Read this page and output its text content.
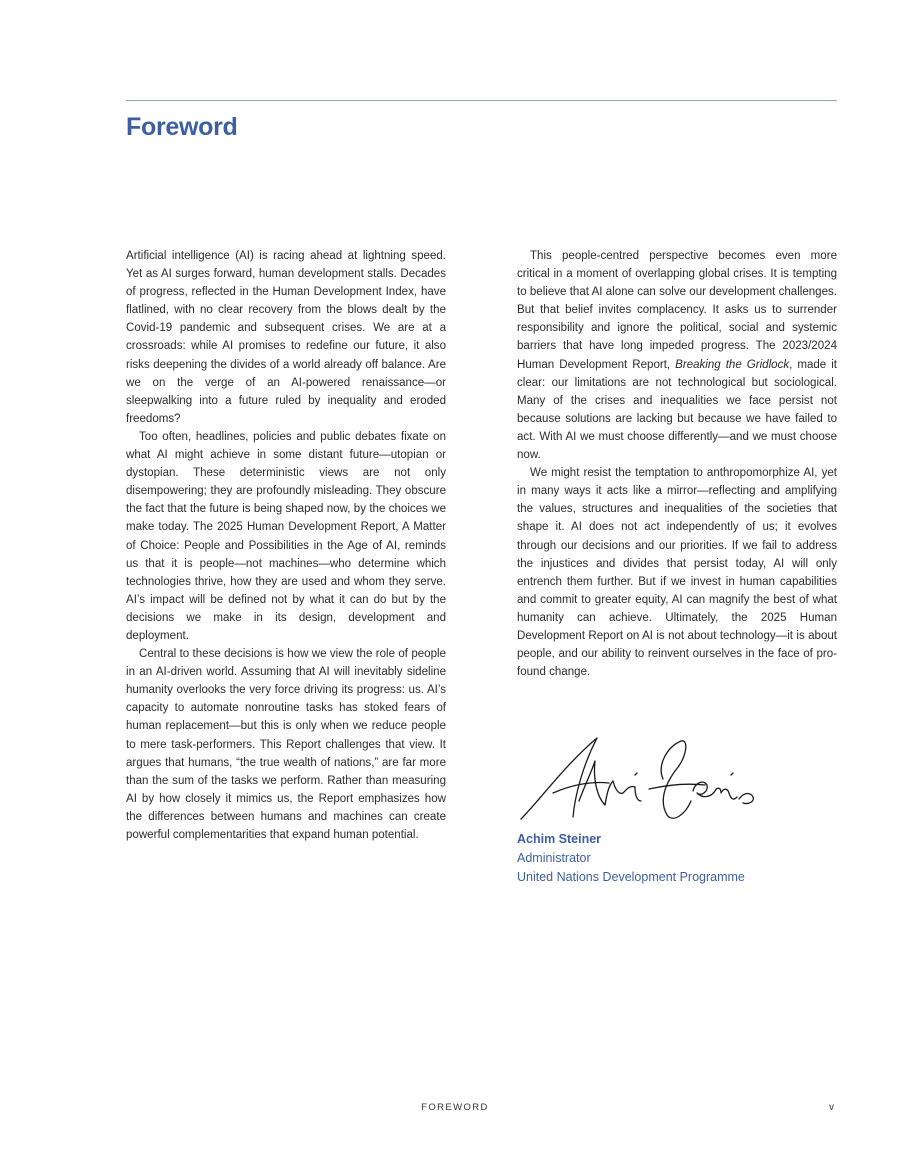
Foreword

Artificial intelligence (AI) is racing ahead at lightning speed. Yet as AI surges forward, human development stalls. Decades of progress, reflected in the Human Development Index, have flatlined, with no clear recovery from the blows dealt by the Covid-19 pandemic and subsequent crises. We are at a crossroads: while AI promises to redefine our future, it also risks deepening the divides of a world already off balance. Are we on the verge of an AI-powered renaissance—or sleepwalking into a future ruled by inequality and eroded freedoms?

Too often, headlines, policies and public debates fixate on what AI might achieve in some distant future—utopian or dystopian. These deterministic views are not only disempowering; they are profoundly misleading. They obscure the fact that the future is being shaped now, by the choices we make today. The 2025 Human Development Report, A Matter of Choice: People and Possibilities in the Age of AI, reminds us that it is people—not machines—who determine which technologies thrive, how they are used and whom they serve. AI’s impact will be defined not by what it can do but by the decisions we make in its design, development and deployment.

Central to these decisions is how we view the role of people in an AI-driven world. Assuming that AI will inevitably sideline humanity overlooks the very force driving its progress: us. AI’s capacity to automate nonroutine tasks has stoked fears of human replacement—but this is only when we reduce people to mere task-performers. This Report challenges that view. It argues that humans, “the true wealth of nations,” are far more than the sum of the tasks we perform. Rather than measuring AI by how closely it mimics us, the Report emphasizes how the differences between humans and machines can create powerful complementarities that expand human potential.

This people-centred perspective becomes even more critical in a moment of overlapping global crises. It is tempting to believe that AI alone can solve our development challenges. But that belief invites complacency. It asks us to surrender responsibility and ignore the political, social and systemic barriers that have long impeded progress. The 2023/2024 Human Development Report, Breaking the Gridlock, made it clear: our limitations are not technological but sociological. Many of the crises and inequalities we face persist not because solutions are lacking but because we have failed to act. With AI we must choose differently—and we must choose now.

We might resist the temptation to anthropomorphize AI, yet in many ways it acts like a mirror—reflecting and amplifying the values, structures and inequalities of the societies that shape it. AI does not act independently of us; it evolves through our decisions and our priorities. If we fail to address the injustices and divides that persist today, AI will only entrench them further. But if we invest in human capabilities and commit to greater equity, AI can magnify the best of what humanity can achieve. Ultimately, the 2025 Human Development Report on AI is not about technology—it is about people, and our ability to reinvent ourselves in the face of profound change.

Achim Steiner
Administrator
United Nations Development Programme
FOREWORD	v
